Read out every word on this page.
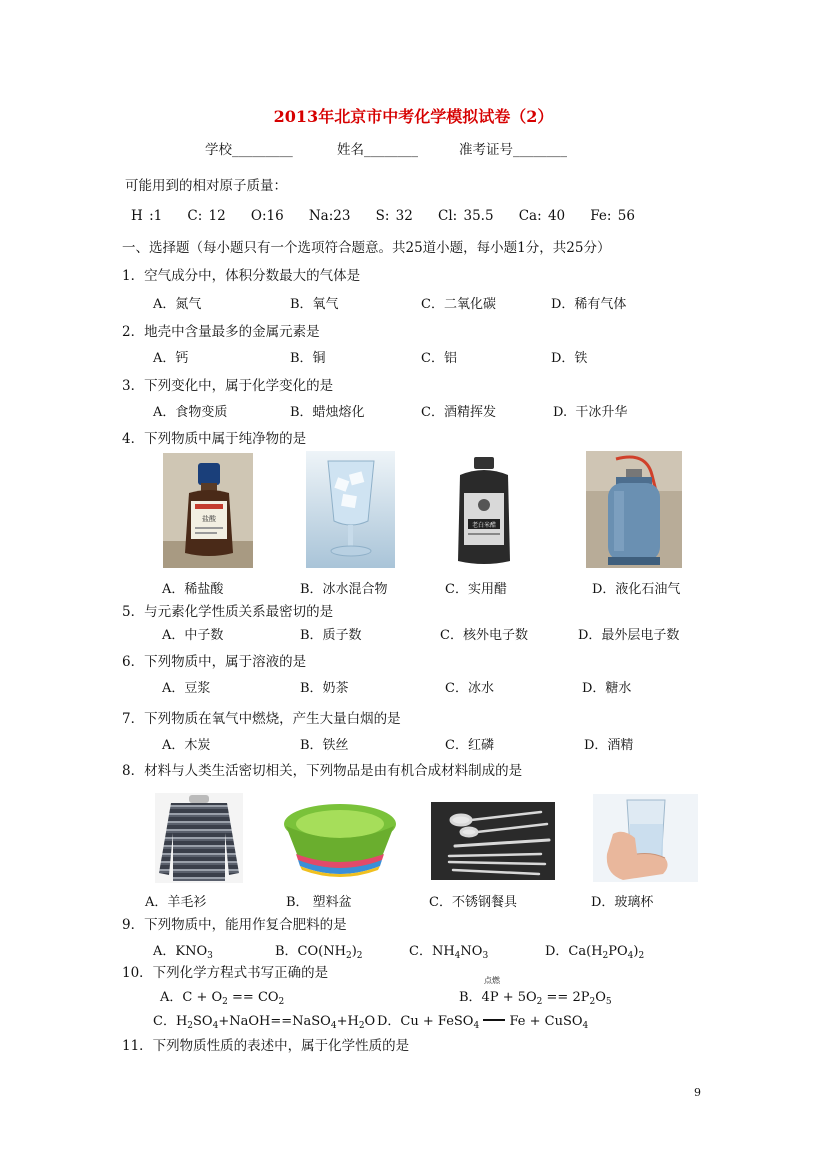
2013年北京市中考化学模拟试卷（2）
学校_________	姓名________	准考证号________
可能用到的相对原子质量：
H :1    C: 12    O:16    Na:23    S: 32    Cl: 35.5    Ca: 40    Fe: 56
一、选择题（每小题只有一个选项符合题意。共25道小题，每小题1分，共25分）
1．空气成分中，体积分数最大的气体是
A．氮气	B．氧气	C．二氧化碳	D．稀有气体
2．地壳中含量最多的金属元素是
A．钙	B．铜	C．铝	D．铁
3．下列变化中，属于化学变化的是
A．食物变质	B．蜡烛熔化	C．酒精挥发	D.  干冰升华
4．下列物质中属于纯净物的是
盐酸
老白米醋
A．稀盐酸	B．冰水混合物	C．实用醋	D．液化石油气
5．与元素化学性质关系最密切的是
A．中子数	B．质子数	C．核外电子数	D．最外层电子数
6．下列物质中，属于溶液的是
A．豆浆	B．奶茶	C．冰水	D．糖水
7．下列物质在氧气中燃烧，产生大量白烟的是
A．木炭	B．铁丝	C．红磷	D．酒精
8．材料与人类生活密切相关，下列物品是由有机合成材料制成的是
A．羊毛衫	B． 塑料盆	C．不锈钢餐具	D．玻璃杯
9．下列物质中，能用作复合肥料的是
A．$KNO_3$	B．$CO(NH_2)_2$	C．$NH_4NO_3$	D．$Ca(H_2PO_4)_2$
10．下列化学方程式书写正确的是
A．$C + O_2 == CO_2$
点燃
B．$4P + 5O_2 == 2P_2O_5$
C．$H_2SO_4+NaOH==NaSO_4+H_2O$ D．Cu + FeSO$_4$  Fe + CuSO$_4$
11．下列物质性质的表述中，属于化学性质的是
9
